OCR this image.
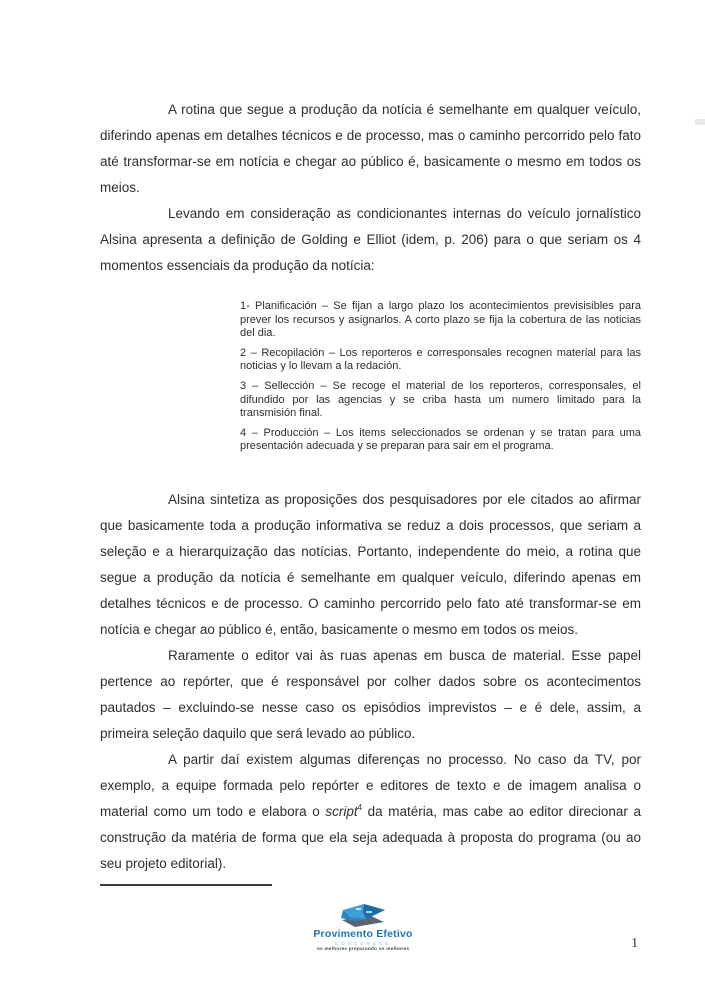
A rotina que segue a produção da notícia é semelhante em qualquer veículo, diferindo apenas em detalhes técnicos e de processo, mas o caminho percorrido pelo fato até transformar-se em notícia e chegar ao público é, basicamente o mesmo em todos os meios.

Levando em consideração as condicionantes internas do veículo jornalístico Alsina apresenta a definição de Golding e Elliot (idem, p. 206) para o que seriam os 4 momentos essenciais da produção da notícia:

1- Planificación – Se fijan a largo plazo los acontecimientos previsisibles para prever los recursos y asignarlos. A corto plazo se fija la cobertura de las noticias del dia.

2 – Recopilación – Los reporteros e corresponsales recognen material para las noticias y lo llevam a la redación.

3 – Sellección – Se recoge el material de los reporteros, corresponsales, el difundido por las agencias y se criba hasta um numero limitado para la transmisión final.

4 – Producción – Los items seleccionados se ordenan y se tratan para uma presentación adecuada y se preparan para sair em el programa.

Alsina sintetiza as proposições dos pesquisadores por ele citados ao afirmar que basicamente toda a produção informativa se reduz a dois processos, que seriam a seleção e a hierarquização das notícias. Portanto, independente do meio, a rotina que segue a produção da notícia é semelhante em qualquer veículo, diferindo apenas em detalhes técnicos e de processo. O caminho percorrido pelo fato até transformar-se em notícia e chegar ao público é, então, basicamente o mesmo em todos os meios.

Raramente o editor vai às ruas apenas em busca de material. Esse papel pertence ao repórter, que é responsável por colher dados sobre os acontecimentos pautados – excluindo-se nesse caso os episódios imprevistos – e é dele, assim, a primeira seleção daquilo que será levado ao público.

A partir daí existem algumas diferenças no processo. No caso da TV, por exemplo, a equipe formada pelo repórter e editores de texto e de imagem analisa o material como um todo e elabora o script$^4$ da matéria, mas cabe ao editor direcionar a construção da matéria de forma que ela seja adequada à proposta do programa (ou ao seu projeto editorial).

Provimento Efetivo
CONCURSOS
os melhores preparando os melhores	1
